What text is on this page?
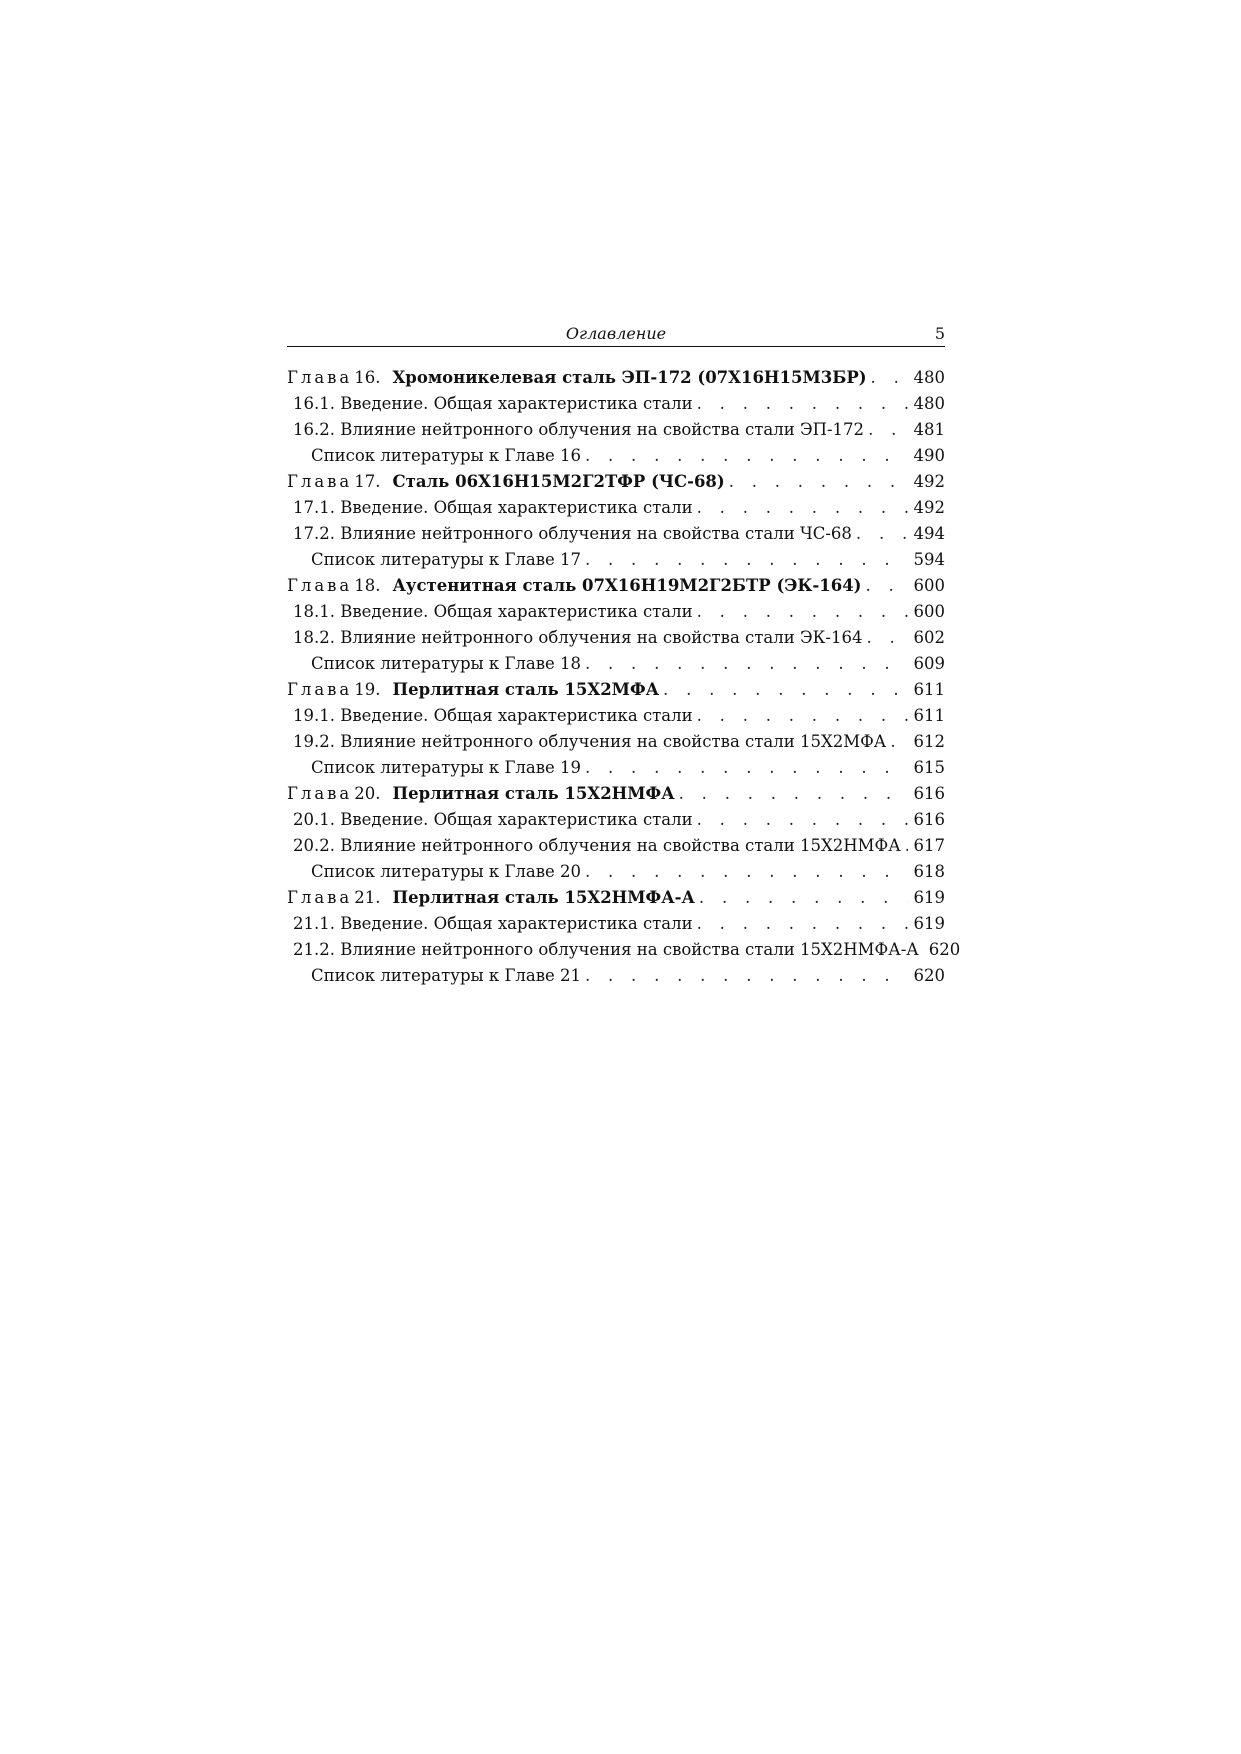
Оглавление	5
Глава 16. Хромоникелевая сталь ЭП-172 (07Х16Н15М3БР) . . .	480
16.1. Введение. Общая характеристика стали . . .	480
16.2. Влияние нейтронного облучения на свойства стали ЭП-172 . . .	481
Список литературы к Главе 16 . . .	490
Глава 17. Сталь 06Х16Н15М2Г2ТФР (ЧС-68) . . .	492
17.1. Введение. Общая характеристика стали . . .	492
17.2. Влияние нейтронного облучения на свойства стали ЧС-68 . . .	494
Список литературы к Главе 17 . . .	594
Глава 18. Аустенитная сталь 07Х16Н19М2Г2БТР (ЭК-164) . . .	600
18.1. Введение. Общая характеристика стали . . .	600
18.2. Влияние нейтронного облучения на свойства стали ЭК-164 . . .	602
Список литературы к Главе 18 . . .	609
Глава 19. Перлитная сталь 15Х2МФА . . .	611
19.1. Введение. Общая характеристика стали . . .	611
19.2. Влияние нейтронного облучения на свойства стали 15Х2МФА . . . 612
Список литературы к Главе 19 . . .	615
Глава 20. Перлитная сталь 15Х2НМФА . . .	616
20.1. Введение. Общая характеристика стали . . .	616
20.2. Влияние нейтронного облучения на свойства стали 15Х2НМФА . . . 617
Список литературы к Главе 20 . . .	618
Глава 21. Перлитная сталь 15Х2НМФА-А . . .	619
21.1. Введение. Общая характеристика стали . . .	619
21.2. Влияние нейтронного облучения на свойства стали 15Х2НМФА-А 620
Список литературы к Главе 21 . . .	620
